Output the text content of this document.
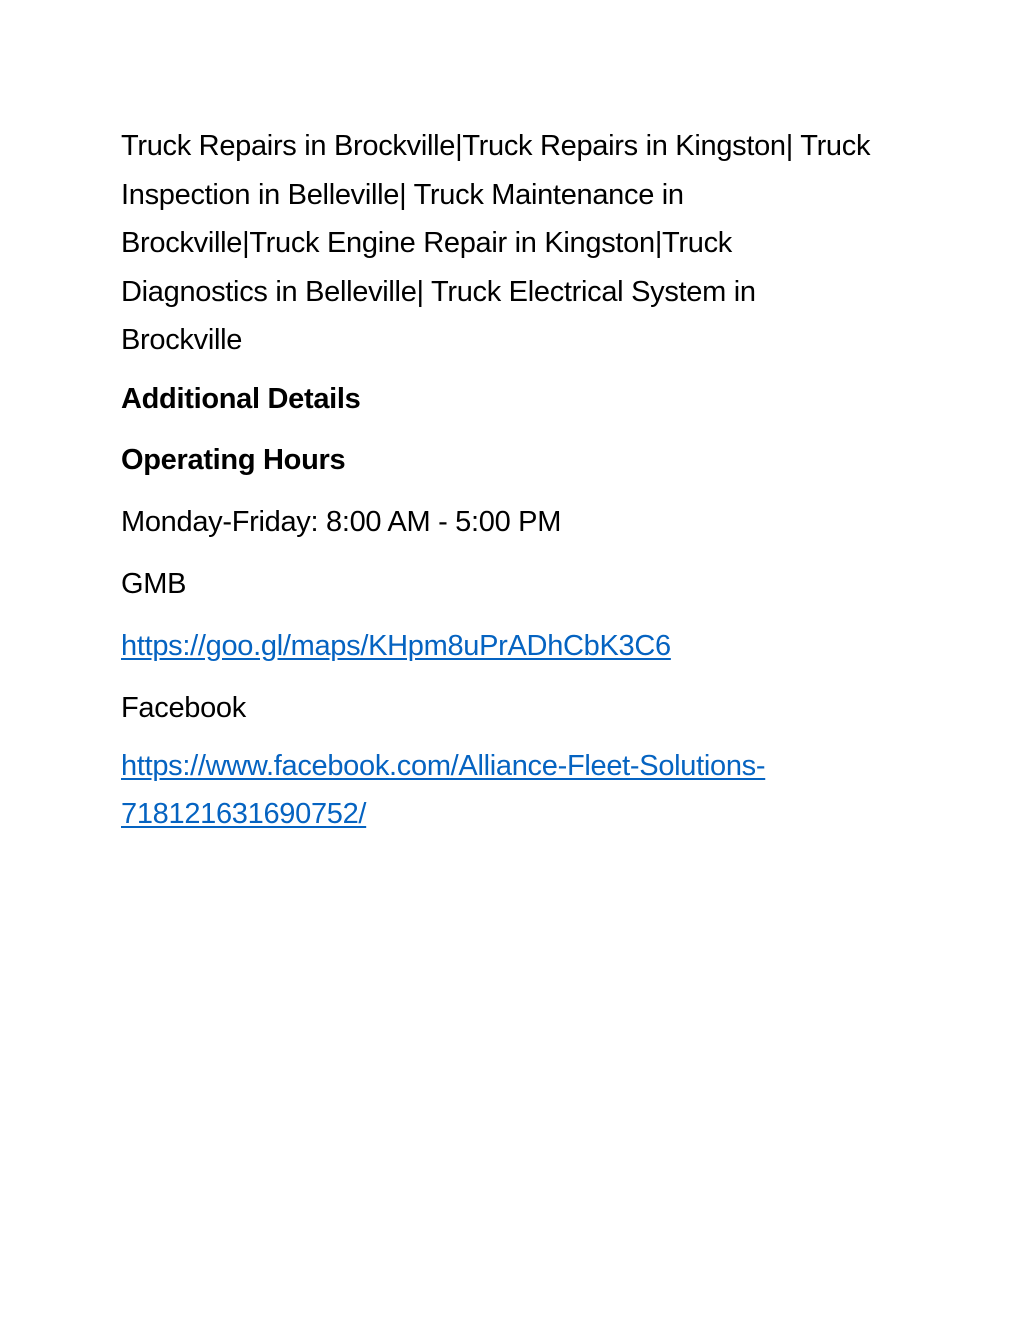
Truck Repairs in Brockville|Truck Repairs in Kingston| Truck Inspection in Belleville| Truck Maintenance in Brockville|Truck Engine Repair in Kingston|Truck Diagnostics in Belleville| Truck Electrical System in Brockville

Additional Details

Operating Hours

Monday-Friday: 8:00 AM - 5:00 PM

GMB

https://goo.gl/maps/KHpm8uPrADhCbK3C6

Facebook

https://www.facebook.com/Alliance-Fleet-Solutions-718121631690752/
